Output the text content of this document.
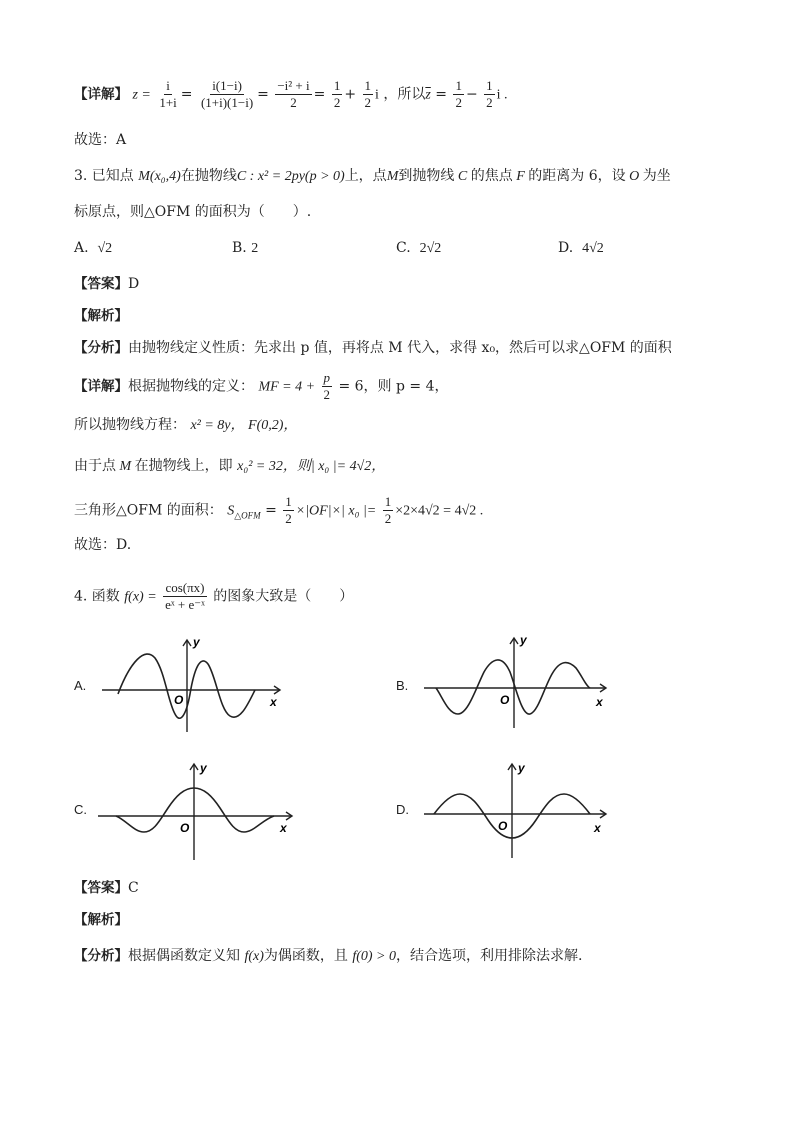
【详解】 $z = \frac{i}{1+i} = \frac{i(1-i)}{(1+i)(1-i)} = \frac{\text{−i² + i}}{2} = \frac{1}{2} + \frac{1}{2}$ i ，所以$\overline{z} = \frac{1}{2} - \frac{1}{2}$ i .
故选：A
3. 已知点 M(x₀,4)在抛物线C : x² = 2py(p > 0)上，点M到抛物线 C 的焦点 F 的距离为 6，设 O 为坐
标原点，则△OFM 的面积为（　　）.
A. √2	B. 2	C. 2√2	D. 4√2
【答案】D
【解析】
【分析】由抛物线定义性质：先求出 p 值，再将点 M 代入，求得 x₀，然后可以求△OFM 的面积
【详解】根据抛物线的定义： MF = $4 + \frac{p}{2} = 6$，则 p = 4，
所以抛物线方程： x² = 8y， F(0,2)，
由于点 M 在抛物线上，即 x₀² = 32，则| x₀ |= 4√2，
三角形△OFM 的面积： $S_{\triangle OFM} = \frac{1}{2} \times|OF|\times|$ x₀ |= $\frac{1}{2} \times 2\times 4√2 = 4√2$ .
故选：D.
4. 函数 $f(x) = \frac{\cos(\pi x)}{\text{eˣ + e⁻ˣ}}$ 的图象大致是（　　）
A.
y
x
O
B.
y
x
O
C.
y
x
O
D.
y
x
O
【答案】C
【解析】
【分析】根据偶函数定义知 f(x)为偶函数，且 f(0) > 0，结合选项，利用排除法求解.
